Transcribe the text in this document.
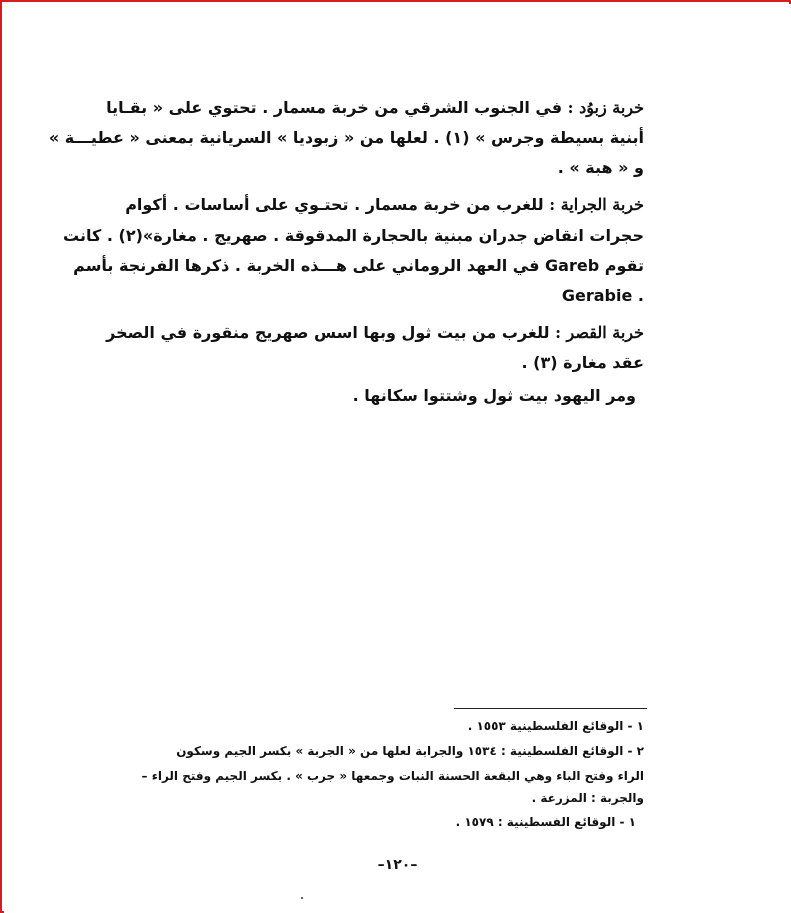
خربة زبوُد : في الجنوب الشرقي من خربة مسمار . تحتوي على « بقـايا
أبنية بسيطة وجرس » (١) . لعلها من « زبوديا » السريانية بمعنى « عطيـــة »
و « هبة » .
خربة الجراية : للغرب من خربة مسمار . تحتـوي على أساسات . أكوام
حجرات انقاض جدران مبنية بالحجارة المدقوقة . صهريج . مغارة»(٢) . كانت
تقوم Gareb في العهد الروماني على هـــذه الخربة . ذكرها الفرنجة بأسم
. Gerabie
خربة القصر : للغرب من بيت ثول وبها اسس صهريج منقورة في الصخر
عقد مغارة (٣) .
ومر اليهود بيت ثول وشتتوا سكانها .
١ - الوقائع الفلسطينية ١٥٥٣ .
٢ - الوقائع الفلسطينية : ١٥٣٤ والجرابة لعلها من « الجربة » بكسر الجيم وسكون
الراء وفتح الباء وهي البقعة الحسنة النبات وجمعها « جرب » . بكسر الجيم وفتح الراء –
والجربة : المزرعة .
١ - الوقائع الفسطينية : ١٥٧٩ .
–١٢٠–
